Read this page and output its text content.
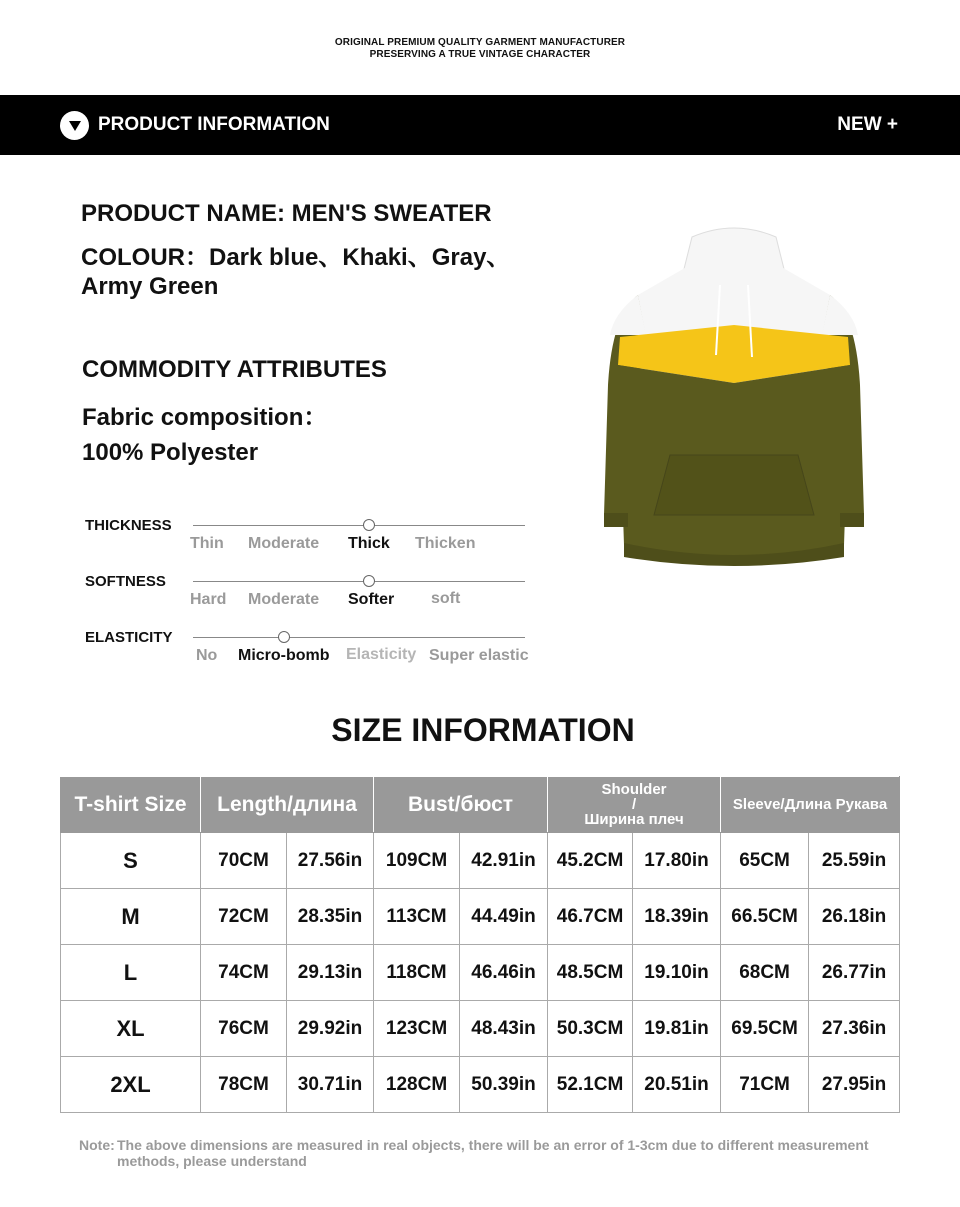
ORIGINAL PREMIUM QUALITY GARMENT MANUFACTURER
PRESERVING A TRUE VINTAGE CHARACTER
PRODUCT INFORMATION	NEW +
PRODUCT NAME: MEN'S SWEATER
COLOUR：Dark blue、Khaki、Gray、Army Green
COMMODITY ATTRIBUTES
Fabric composition：
100% Polyester
THICKNESS
Thin Moderate Thick Thicken
SOFTNESS
Hard Moderate Softer soft
ELASTICITY
No Micro-bomb Elasticity Super elastic
SIZE INFORMATION
T-shirt Size	Length/длина		Bust/бюст		Shoulder
/
Ширина плеч		Sleeve/Длина Рукава	
S	70CM	27.56in	109CM	42.91in	45.2CM	17.80in	65CM	25.59in
M	72CM	28.35in	113CM	44.49in	46.7CM	18.39in	66.5CM	26.18in
L	74CM	29.13in	118CM	46.46in	48.5CM	19.10in	68CM	26.77in
XL	76CM	29.92in	123CM	48.43in	50.3CM	19.81in	69.5CM	27.36in
2XL	78CM	30.71in	128CM	50.39in	52.1CM	20.51in	71CM	27.95in
Note: The above dimensions are measured in real objects, there will be an error of 1-3cm due to different measurement methods, please understand
